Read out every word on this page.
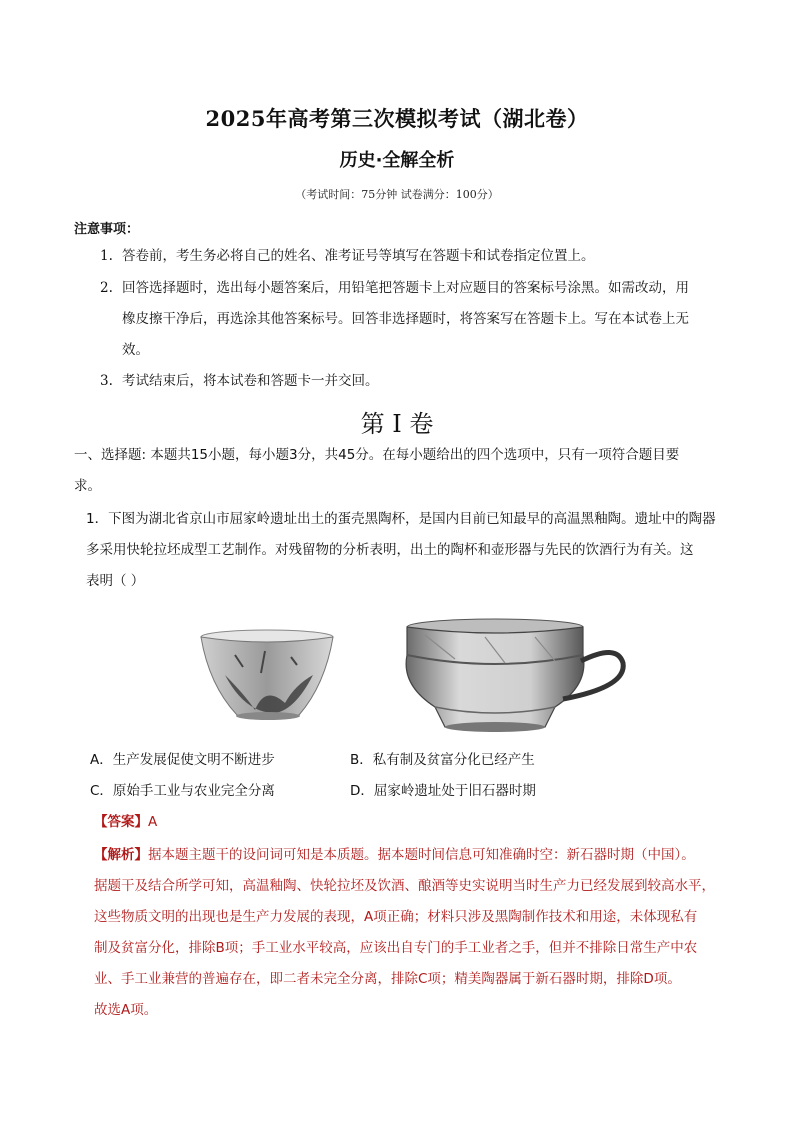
2025年高考第三次模拟考试（湖北卷）
历史·全解全析
（考试时间：75分钟 试卷满分：100分）
注意事项：
1. 答卷前，考生务必将自己的姓名、准考证号等填写在答题卡和试卷指定位置上。
2. 回答选择题时，选出每小题答案后，用铅笔把答题卡上对应题目的答案标号涂黑。如需改动，用
橡皮擦干净后，再选涂其他答案标号。回答非选择题时，将答案写在答题卡上。写在本试卷上无
效。
3. 考试结束后，将本试卷和答题卡一并交回。
第 I 卷
一、选择题: 本题共15小题，每小题3分，共45分。在每小题给出的四个选项中，只有一项符合题目要
求。
1．下图为湖北省京山市屈家岭遗址出土的蛋壳黑陶杯，是国内目前已知最早的高温黑釉陶。遗址中的陶器
多采用快轮拉坯成型工艺制作。对残留物的分析表明，出土的陶杯和壶形器与先民的饮酒行为有关。这
表明（ ）
A．生产发展促使文明不断进步	B．私有制及贫富分化已经产生
C．原始手工业与农业完全分离	D．屈家岭遗址处于旧石器时期
【答案】A
【解析】据本题主题干的设问词可知是本质题。据本题时间信息可知准确时空：新石器时期（中国）。
据题干及结合所学可知，高温釉陶、快轮拉坯及饮酒、酿酒等史实说明当时生产力已经发展到较高水平，
这些物质文明的出现也是生产力发展的表现，A项正确；材料只涉及黑陶制作技术和用途，未体现私有
制及贫富分化，排除B项；手工业水平较高，应该出自专门的手工业者之手，但并不排除日常生产中农
业、手工业兼营的普遍存在，即二者未完全分离，排除C项；精美陶器属于新石器时期，排除D项。
故选A项。
